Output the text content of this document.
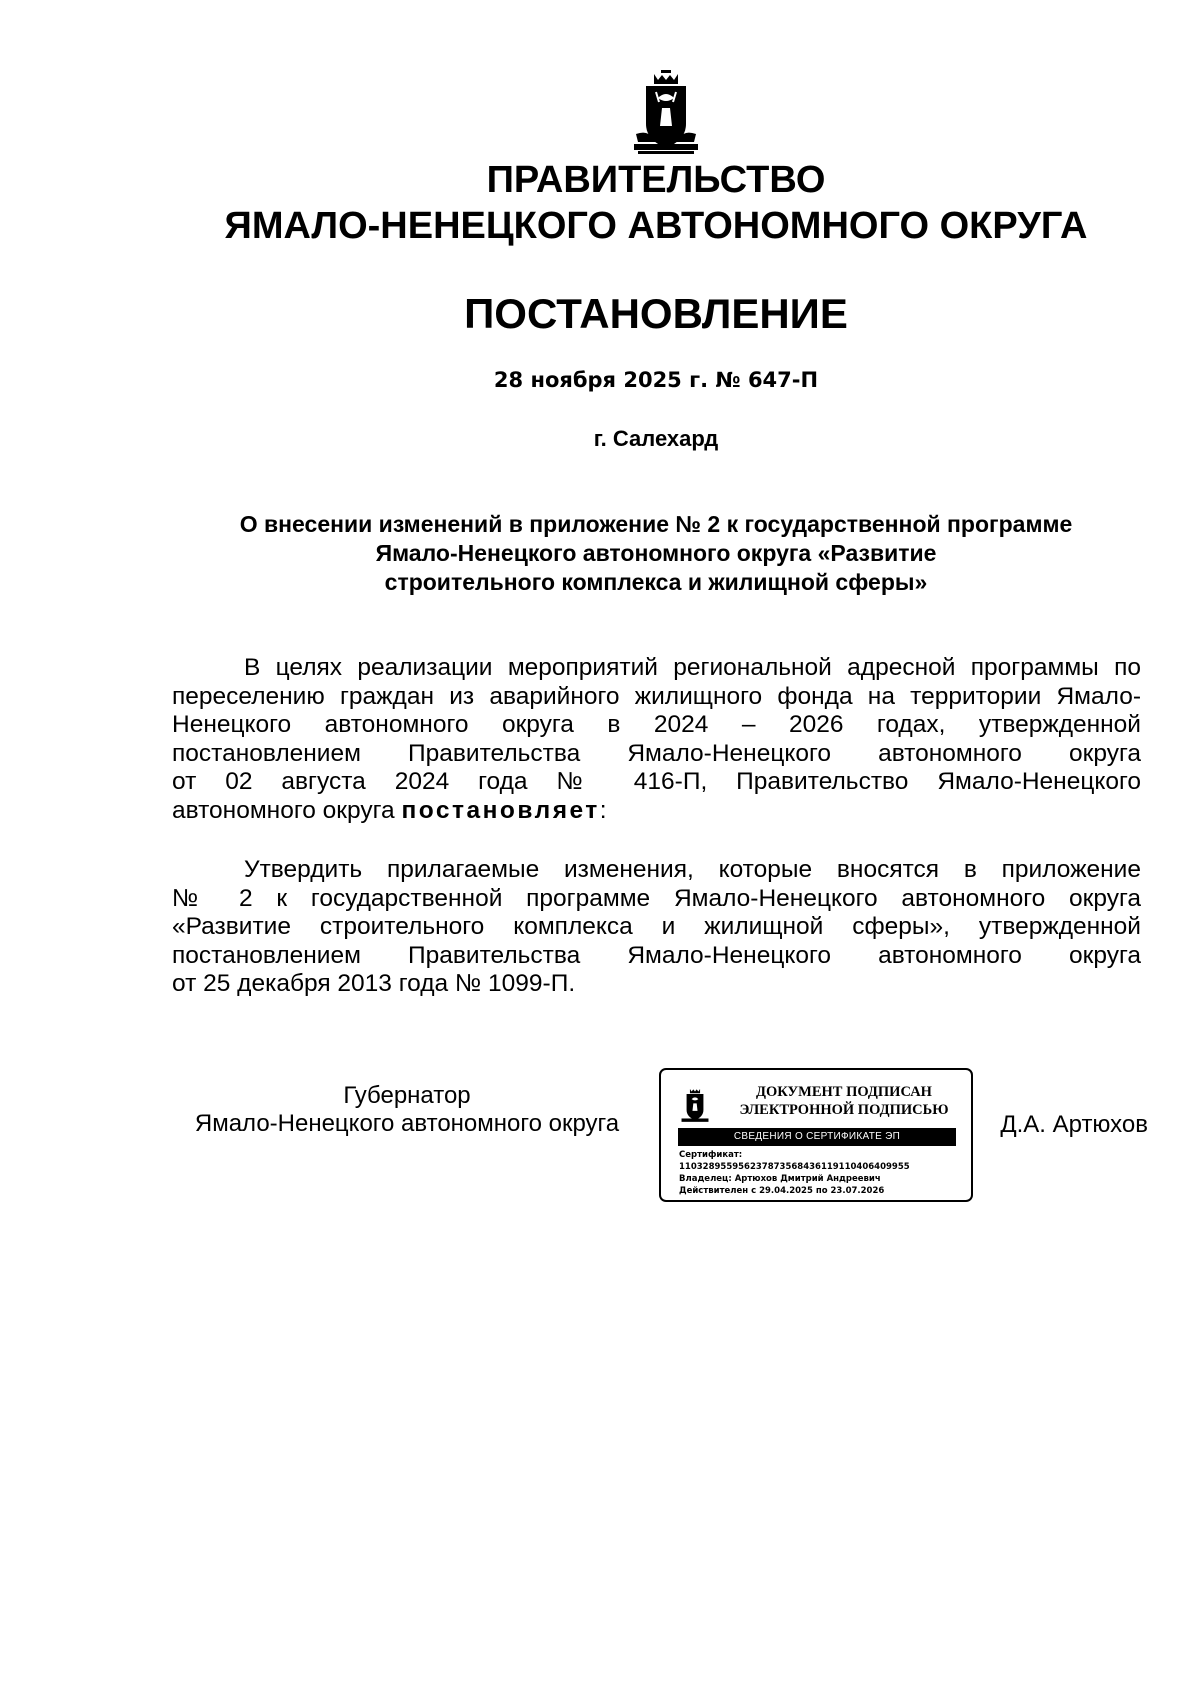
ПРАВИТЕЛЬСТВО
ЯМАЛО-НЕНЕЦКОГО АВТОНОМНОГО ОКРУГА
ПОСТАНОВЛЕНИЕ
28 ноября 2025 г. № 647-П
г. Салехард
О внесении изменений в приложение № 2 к государственной программе
Ямало-Ненецкого автономного округа «Развитие
строительного комплекса и жилищной сферы»
В целях реализации мероприятий региональной адресной программы по
переселению граждан из аварийного жилищного фонда на территории Ямало-
Ненецкого автономного округа в 2024 – 2026 годах, утвержденной
постановлением Правительства Ямало-Ненецкого автономного округа
от 02 августа 2024 года № 416-П, Правительство Ямало-Ненецкого
автономного округа постановляет:
Утвердить прилагаемые изменения, которые вносятся в приложение
№ 2 к государственной программе Ямало-Ненецкого автономного округа
«Развитие строительного комплекса и жилищной сферы», утвержденной
постановлением Правительства Ямало-Ненецкого автономного округа
от 25 декабря 2013 года № 1099-П.
Губернатор
Ямало-Ненецкого автономного округа
ДОКУМЕНТ ПОДПИСАН
ЭЛЕКТРОННОЙ ПОДПИСЬЮ
СВЕДЕНИЯ О СЕРТИФИКАТЕ ЭП
Сертификат:
110328955956237873568436119110406409955
Владелец: Артюхов Дмитрий Андреевич
Действителен с 29.04.2025 по 23.07.2026
Д.А. Артюхов
